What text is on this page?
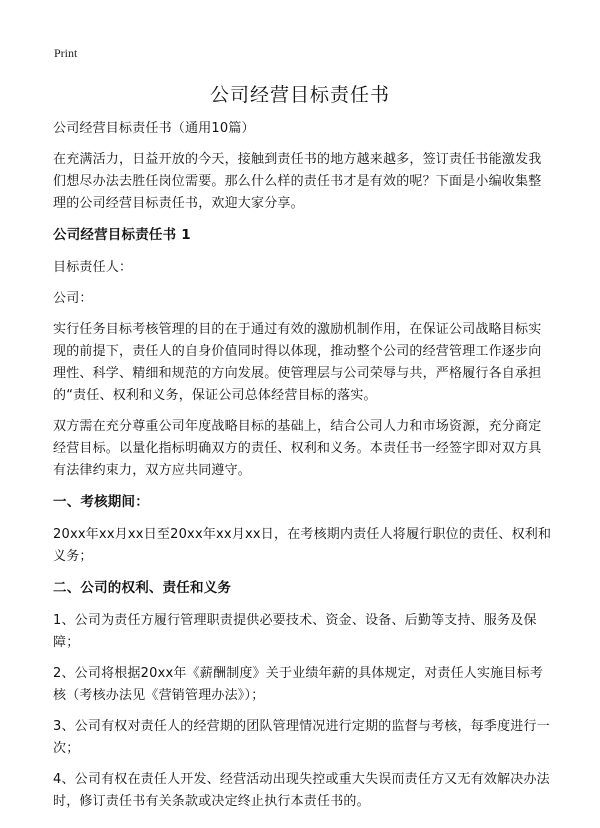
Print
公司经营目标责任书

公司经营目标责任书（通用10篇）

在充满活力，日益开放的今天，接触到责任书的地方越来越多，签订责任书能激发我们想尽办法去胜任岗位需要。那么什么样的责任书才是有效的呢？下面是小编收集整理的公司经营目标责任书，欢迎大家分享。

公司经营目标责任书 1

目标责任人：

公司：

实行任务目标考核管理的目的在于通过有效的激励机制作用，在保证公司战略目标实现的前提下，责任人的自身价值同时得以体现，推动整个公司的经营管理工作逐步向理性、科学、精细和规范的方向发展。使管理层与公司荣辱与共，严格履行各自承担的“责任、权利和义务，保证公司总体经营目标的落实。

双方需在充分尊重公司年度战略目标的基础上，结合公司人力和市场资源，充分商定经营目标。以量化指标明确双方的责任、权利和义务。本责任书一经签字即对双方具有法律约束力，双方应共同遵守。

一、考核期间：

20xx年xx月xx日至20xx年xx月xx日，在考核期内责任人将履行职位的责任、权利和义务；

二、公司的权利、责任和义务

1、公司为责任方履行管理职责提供必要技术、资金、设备、后勤等支持、服务及保障；

2、公司将根据20xx年《薪酬制度》关于业绩年薪的具体规定，对责任人实施目标考核（考核办法见《营销管理办法》）；

3、公司有权对责任人的经营期的团队管理情况进行定期的监督与考核，每季度进行一次；

4、公司有权在责任人开发、经营活动出现失控或重大失误而责任方又无有效解决办法时，修订责任书有关条款或决定终止执行本责任书的。
